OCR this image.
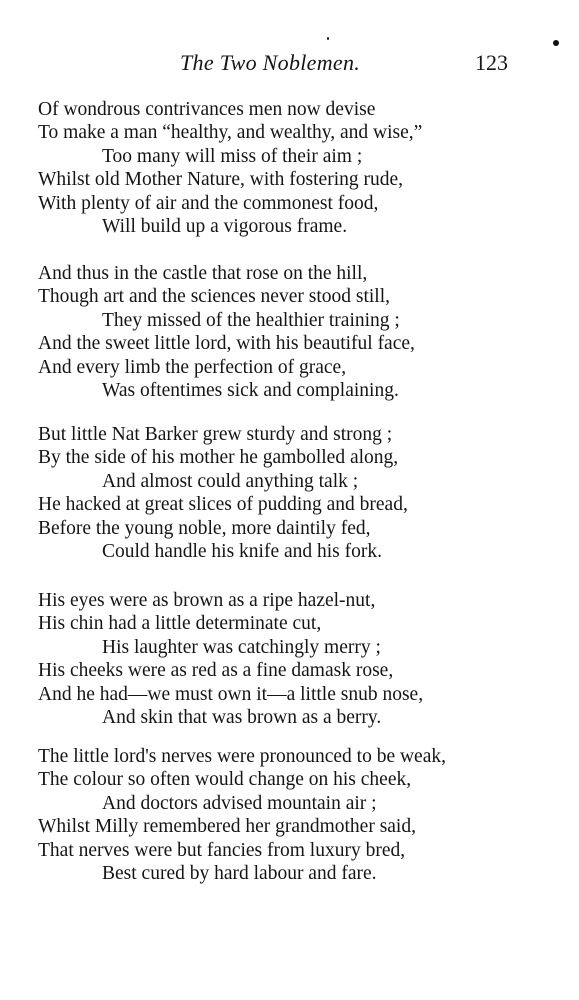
The Two Noblemen.	123
Of wondrous contrivances men now devise
To make a man “healthy, and wealthy, and wise,”
Too many will miss of their aim ;
Whilst old Mother Nature, with fostering rude,
With plenty of air and the commonest food,
Will build up a vigorous frame.
And thus in the castle that rose on the hill,
Though art and the sciences never stood still,
They missed of the healthier training ;
And the sweet little lord, with his beautiful face,
And every limb the perfection of grace,
Was oftentimes sick and complaining.
But little Nat Barker grew sturdy and strong ;
By the side of his mother he gambolled along,
And almost could anything talk ;
He hacked at great slices of pudding and bread,
Before the young noble, more daintily fed,
Could handle his knife and his fork.
His eyes were as brown as a ripe hazel-nut,
His chin had a little determinate cut,
His laughter was catchingly merry ;
His cheeks were as red as a fine damask rose,
And he had—we must own it—a little snub nose,
And skin that was brown as a berry.
The little lord's nerves were pronounced to be weak,
The colour so often would change on his cheek,
And doctors advised mountain air ;
Whilst Milly remembered her grandmother said,
That nerves were but fancies from luxury bred,
Best cured by hard labour and fare.
